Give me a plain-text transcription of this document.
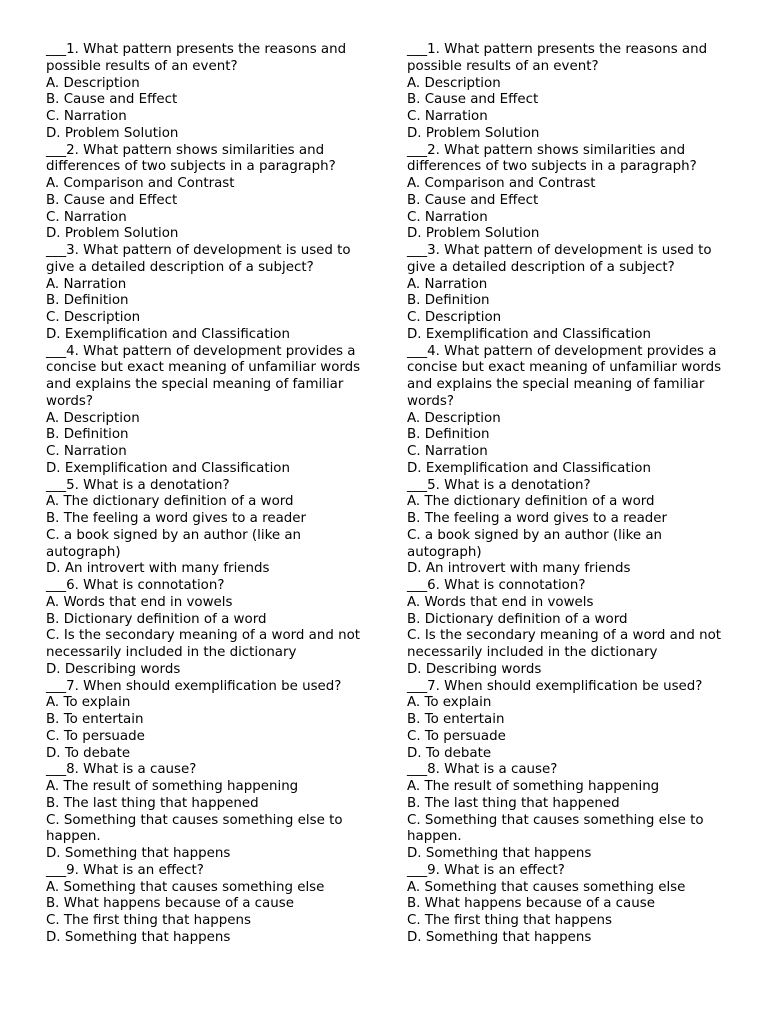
___1. What pattern presents the reasons and possible results of an event?
A. Description
B. Cause and Effect
C. Narration
D. Problem Solution
___2. What pattern shows similarities and differences of two subjects in a paragraph?
A. Comparison and Contrast
B. Cause and Effect
C. Narration
D. Problem Solution
___3. What pattern of development is used to give a detailed description of a subject?
A. Narration
B. Definition
C. Description
D. Exemplification and Classification
___4. What pattern of development provides a concise but exact meaning of unfamiliar words and explains the special meaning of familiar words?
A. Description
B. Definition
C. Narration
D. Exemplification and Classification
___5. What is a denotation?
A. The dictionary definition of a word
B. The feeling a word gives to a reader
C. a book signed by an author (like an autograph)
D. An introvert with many friends
___6. What is connotation?
A. Words that end in vowels
B. Dictionary definition of a word
C. Is the secondary meaning of a word and not necessarily included in the dictionary
D. Describing words
___7. When should exemplification be used?
A. To explain
B. To entertain
C. To persuade
D. To debate
___8. What is a cause?
A. The result of something happening
B. The last thing that happened
C. Something that causes something else to happen.
D. Something that happens
___9. What is an effect?
A. Something that causes something else
B. What happens because of a cause
C. The first thing that happens
D. Something that happens
___1. What pattern presents the reasons and possible results of an event?
A. Description
B. Cause and Effect
C. Narration
D. Problem Solution
___2. What pattern shows similarities and differences of two subjects in a paragraph?
A. Comparison and Contrast
B. Cause and Effect
C. Narration
D. Problem Solution
___3. What pattern of development is used to give a detailed description of a subject?
A. Narration
B. Definition
C. Description
D. Exemplification and Classification
___4. What pattern of development provides a concise but exact meaning of unfamiliar words and explains the special meaning of familiar words?
A. Description
B. Definition
C. Narration
D. Exemplification and Classification
___5. What is a denotation?
A. The dictionary definition of a word
B. The feeling a word gives to a reader
C. a book signed by an author (like an autograph)
D. An introvert with many friends
___6. What is connotation?
A. Words that end in vowels
B. Dictionary definition of a word
C. Is the secondary meaning of a word and not necessarily included in the dictionary
D. Describing words
___7. When should exemplification be used?
A. To explain
B. To entertain
C. To persuade
D. To debate
___8. What is a cause?
A. The result of something happening
B. The last thing that happened
C. Something that causes something else to happen.
D. Something that happens
___9. What is an effect?
A. Something that causes something else
B. What happens because of a cause
C. The first thing that happens
D. Something that happens
